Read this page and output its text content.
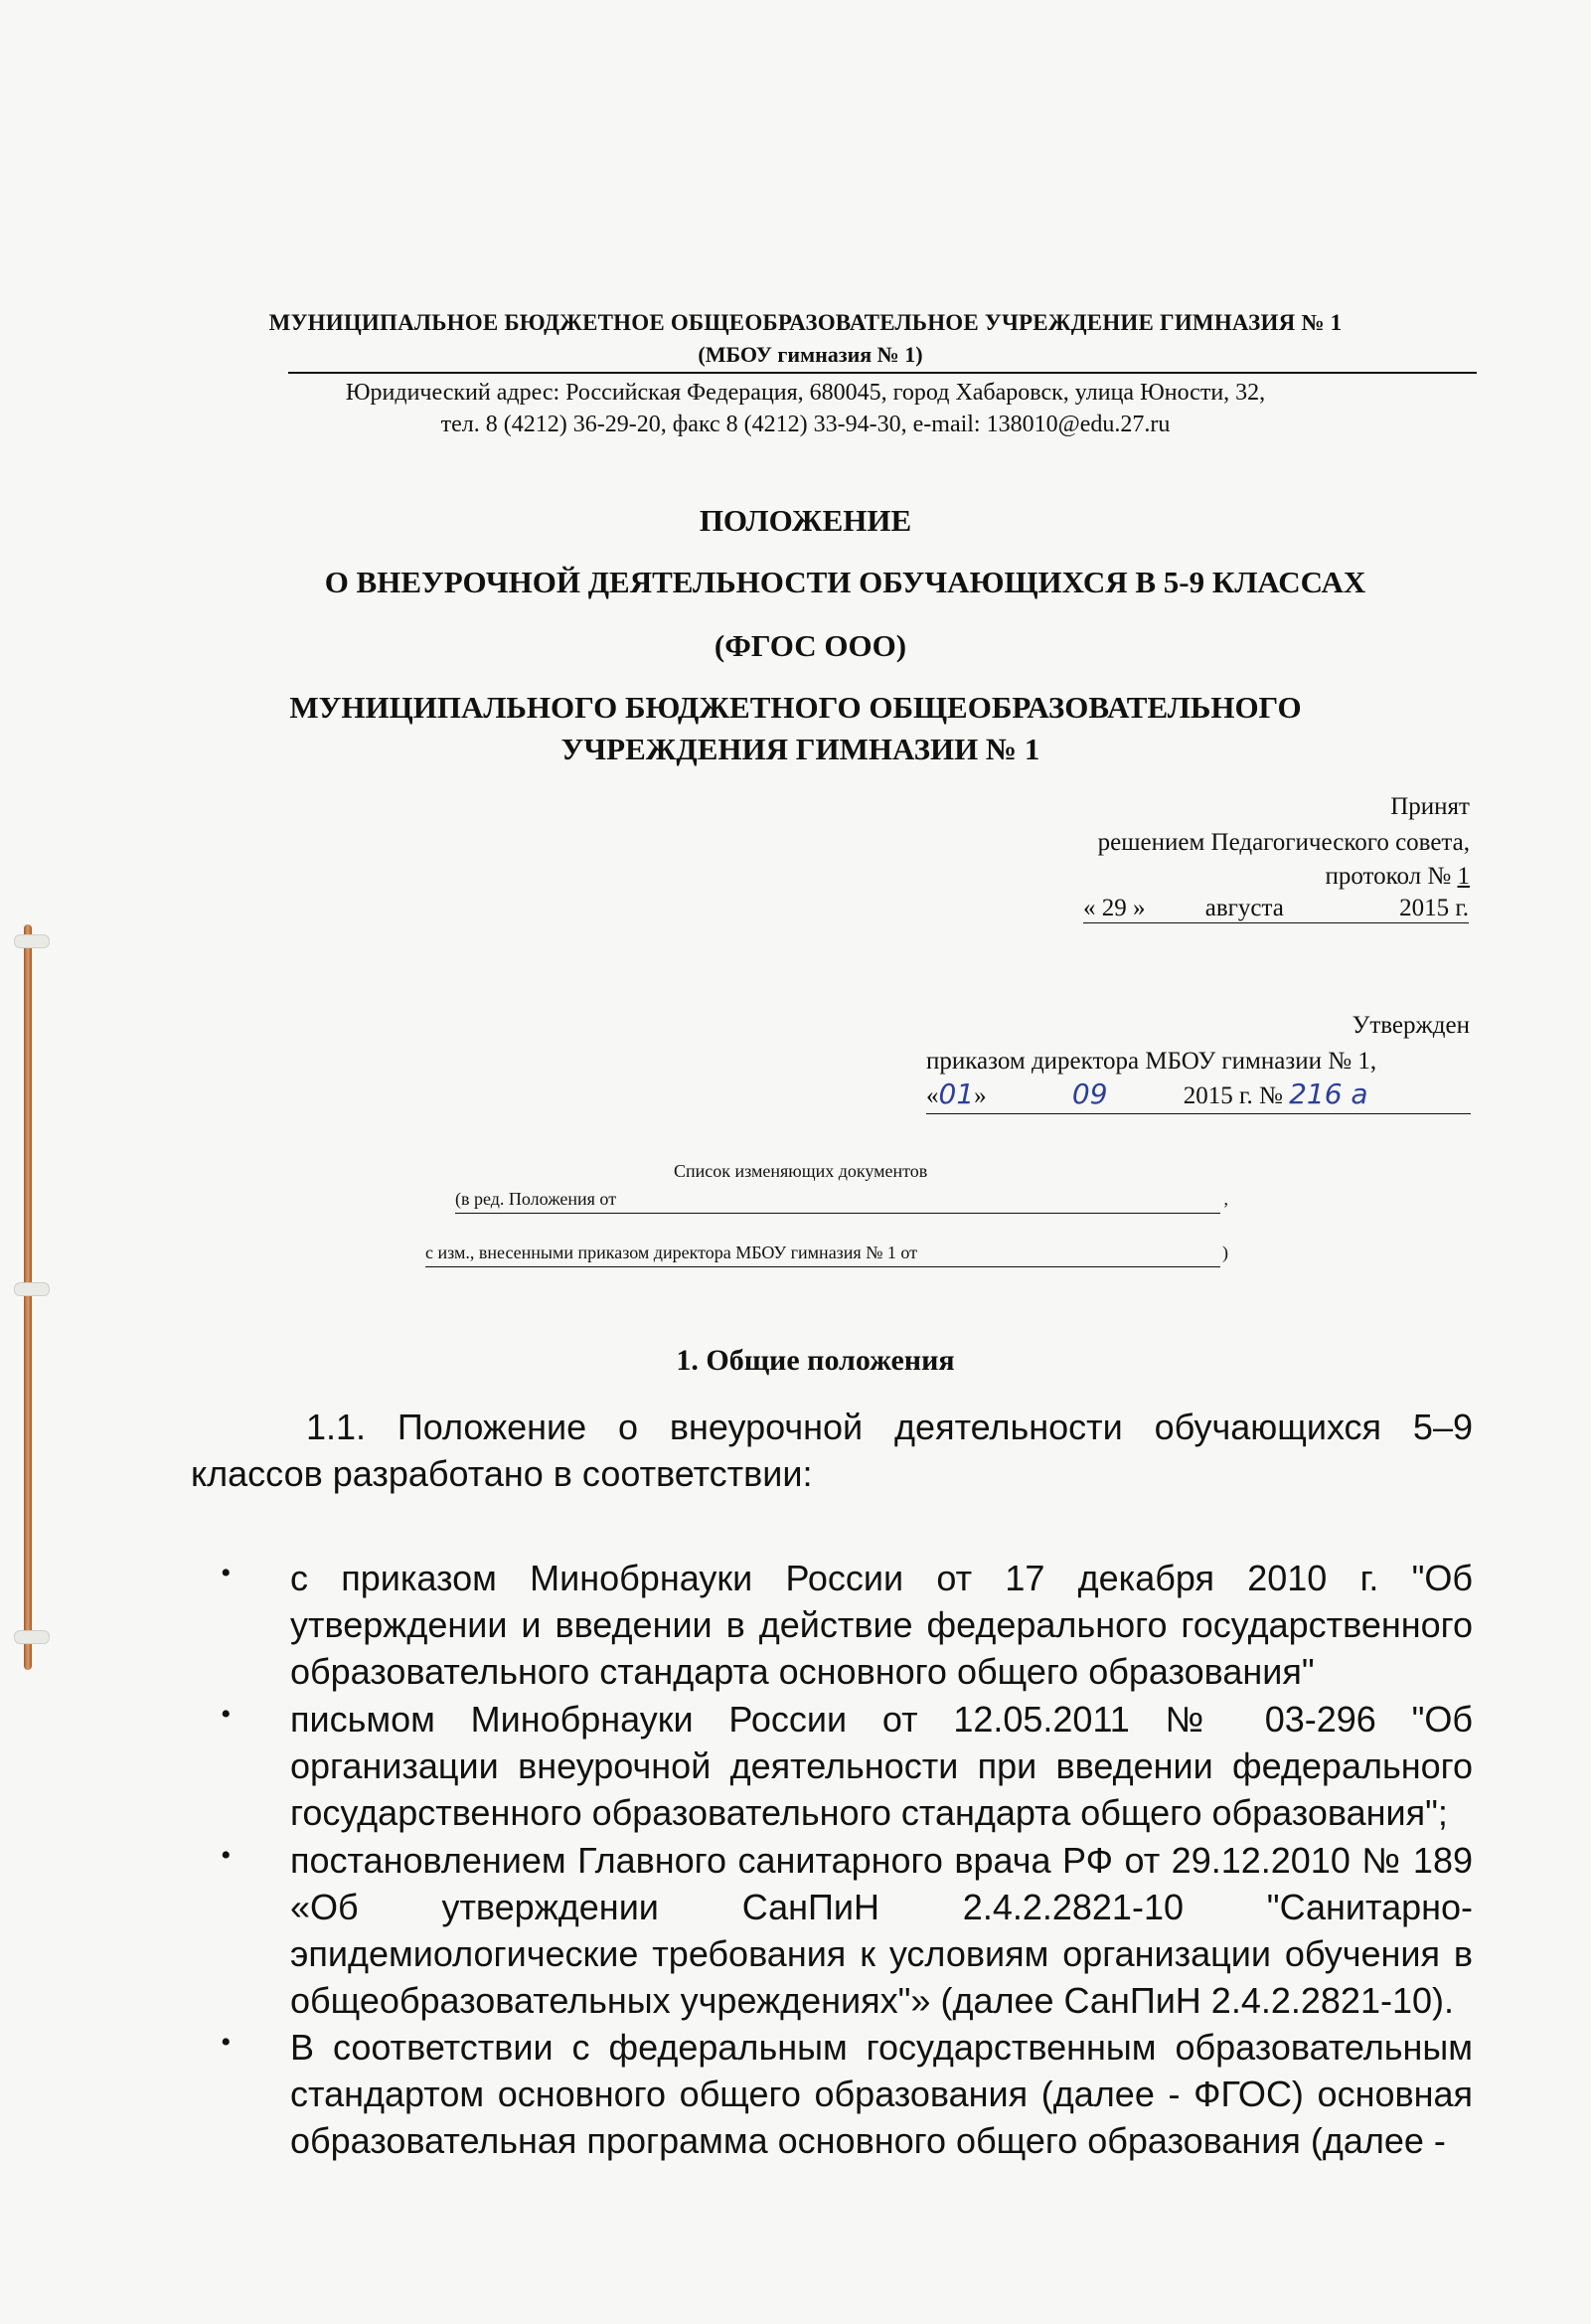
МУНИЦИПАЛЬНОЕ БЮДЖЕТНОЕ ОБЩЕОБРАЗОВАТЕЛЬНОЕ УЧРЕЖДЕНИЕ ГИМНАЗИЯ № 1
(МБОУ гимназия № 1)
Юридический адрес: Российская Федерация, 680045, город Хабаровск, улица Юности, 32,
тел. 8 (4212) 36-29-20, факс 8 (4212) 33-94-30, e-mail: 138010@edu.27.ru
ПОЛОЖЕНИЕ
О ВНЕУРОЧНОЙ ДЕЯТЕЛЬНОСТИ ОБУЧАЮЩИХСЯ В 5-9 КЛАССАХ
(ФГОС ООО)
МУНИЦИПАЛЬНОГО БЮДЖЕТНОГО ОБЩЕОБРАЗОВАТЕЛЬНОГО
УЧРЕЖДЕНИЯ ГИМНАЗИИ № 1
Принят
решением Педагогического совета,
протокол № 1
« 29 » августа	2015 г.
Утвержден
приказом директора МБОУ гимназии № 1,
«01»	09	2015 г. № 216 а
Список изменяющих документов
(в ред. Положения от	,
с изм., внесенными приказом директора МБОУ гимназия № 1 от	)
1. Общие положения
1.1. Положение о внеурочной деятельности обучающихся 5–9 классов разработано в соответствии:
• с приказом Минобрнауки России от 17 декабря 2010 г. "Об утверждении и введении в действие федерального государственного образовательного стандарта основного общего образования"
• письмом Минобрнауки России от 12.05.2011 № 03-296 "Об организации внеурочной деятельности при введении федерального государственного образовательного стандарта общего образования";
• постановлением Главного санитарного врача РФ от 29.12.2010 № 189 «Об утверждении СанПиН 2.4.2.2821-10 "Санитарно-эпидемиологические требования к условиям организации обучения в общеобразовательных учреждениях"» (далее СанПиН 2.4.2.2821-10).
• В соответствии с федеральным государственным образовательным стандартом основного общего образования (далее - ФГОС) основная образовательная программа основного общего образования (далее -
